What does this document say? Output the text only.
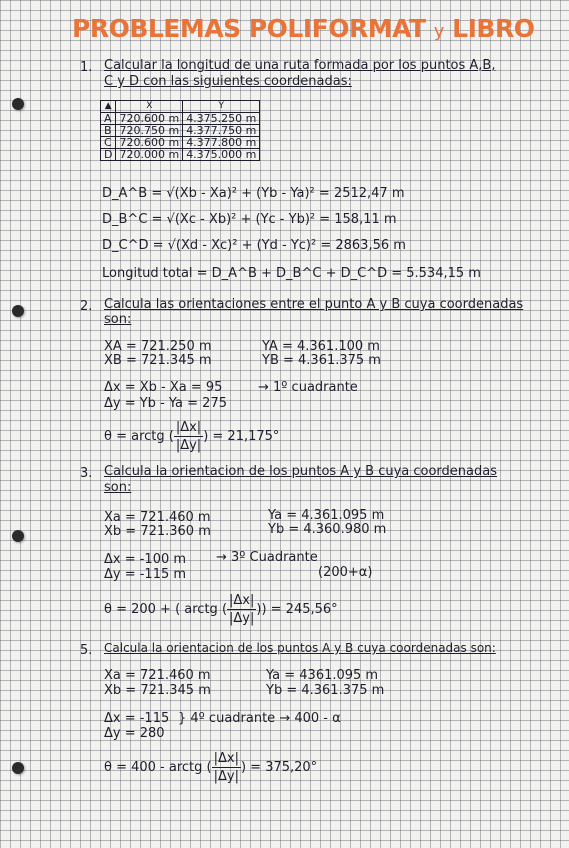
PROBLEMAS POLIFORMAT y LIBRO
1. Calcular la longitud de una ruta formada por los puntos A,B,
C y D con las siguientes coordenadas:
▲	X	Y
A	720.600 m	4.375.250 m
B	720.750 m	4.377.750 m
C	720.600 m	4.377.800 m
D	720.000 m	4.375.000 m
D_A^B = √(Xb - Xa)² + (Yb - Ya)² = 2512,47 m
D_B^C = √(Xc - Xb)² + (Yc - Yb)² = 158,11 m
D_C^D = √(Xd - Xc)² + (Yd - Yc)² = 2863,56 m
Longitud total = D_A^B + D_B^C + D_C^D = 5.534,15 m
2. Calcula las orientaciones entre el punto A y B cuya coordenadas
son:
XA = 721.250 m
XB = 721.345 m
YA = 4.361.100 m
YB = 4.361.375 m
Δx = Xb - Xa = 95
Δy = Yb - Ya = 275
→ 1º cuadrante
θ = arctg ( $\frac{|\Delta x|}{|\Delta y|}$ ) = 21,175°
3. Calcula la orientacion de los puntos A y B cuya coordenadas
son:
Xa = 721.460 m
Xb = 721.360 m
Ya = 4.361.095 m
Yb = 4.360.980 m
Δx = -100 m
Δy = -115 m
→ 3º Cuadrante
(200+α)
θ = 200 + ( arctg ( $\frac{|\Delta x|}{|\Delta y|}$ )) = 245,56°
5. Calcula la orientacion de los puntos A y B cuya coordenadas son:
Xa = 721.460 m
Xb = 721.345 m
Ya = 4361.095 m
Yb = 4.361.375 m
Δx = -115
Δy = 280
} 4º cuadrante → 400 - α
θ = 400 - arctg ( $\frac{|\Delta x|}{|\Delta y|}$ ) = 375,20°
